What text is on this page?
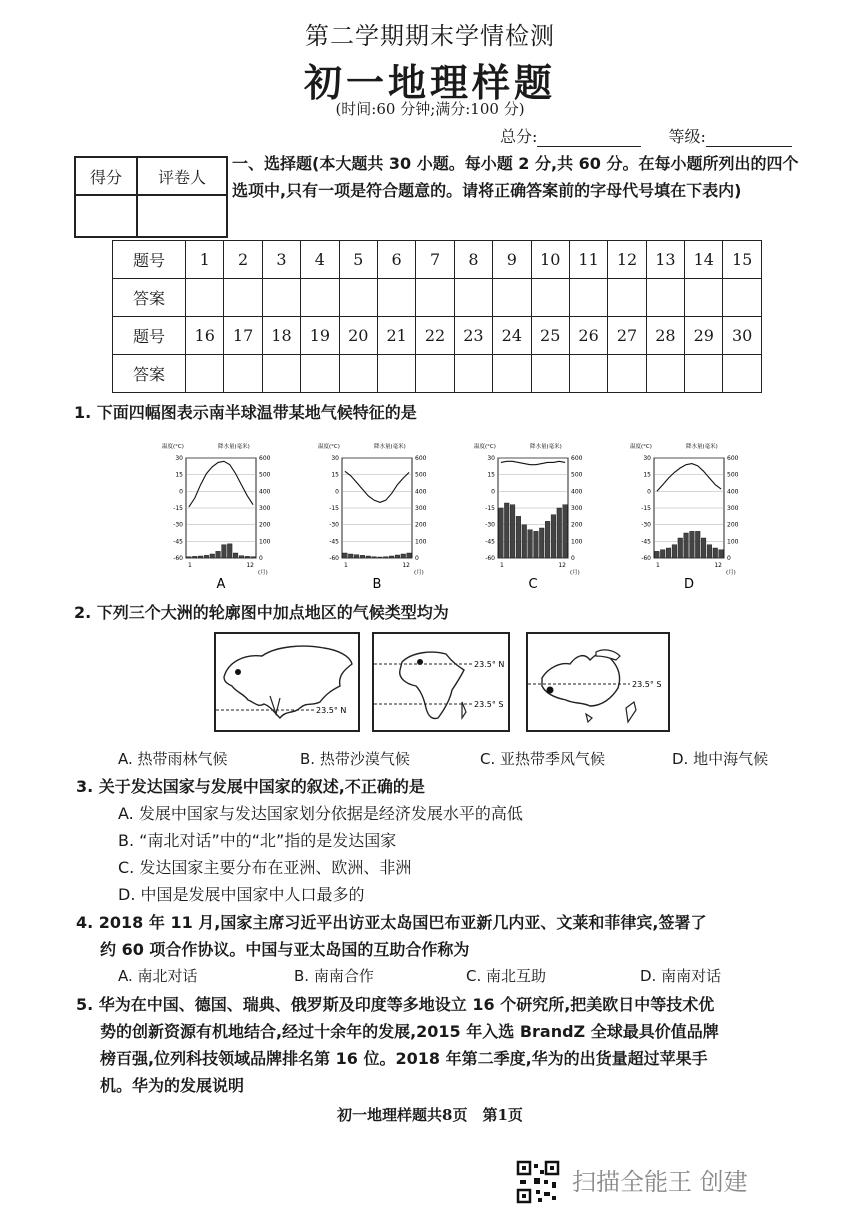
第二学期期末学情检测
初一地理样题
(时间:60 分钟;满分:100 分)
总分:	等级:
得分	评卷人

一、选择题(本大题共 30 小题。每小题 2 分,共 60 分。在每小题所列出的四个选项中,只有一项是符合题意的。请将正确答案前的字母代号填在下表内)
题号	1	2	3	4	5	6	7	8	9	10	11	12	13	14	15
答案															
题号	16	17	18	19	20	21	22	23	24	25	26	27	28	29	30
答案															
1. 下面四幅图表示南半球温带某地气候特征的是
温度(°C)	降水量(毫米)
30
15
0
-15
-30
-45
-60
600
500
400
300
200
100
0
1	12
(月)
A
温度(°C)	降水量(毫米)
30
15
0
-15
-30
-45
-60
600
500
400
300
200
100
0
1	12
(月)
B
温度(°C)	降水量(毫米)
30
15
0
-15
-30
-45
-60
600
500
400
300
200
100
0
1	12
(月)
C
温度(°C)	降水量(毫米)
30
15
0
-15
-30
-45
-60
600
500
400
300
200
100
0
1	12
(月)
D
2. 下列三个大洲的轮廓图中加点地区的气候类型均为
23.5° N
23.5° N
23.5° S
23.5° S
A. 热带雨林气候	B. 热带沙漠气候	C. 亚热带季风气候	D. 地中海气候
3. 关于发达国家与发展中国家的叙述,不正确的是
A. 发展中国家与发达国家划分依据是经济发展水平的高低
B. “南北对话”中的“北”指的是发达国家
C. 发达国家主要分布在亚洲、欧洲、非洲
D. 中国是发展中国家中人口最多的
4. 2018 年 11 月,国家主席习近平出访亚太岛国巴布亚新几内亚、文莱和菲律宾,签署了
约 60 项合作协议。中国与亚太岛国的互助合作称为
A. 南北对话	B. 南南合作	C. 南北互助	D. 南南对话
5. 华为在中国、德国、瑞典、俄罗斯及印度等多地设立 16 个研究所,把美欧日中等技术优
势的创新资源有机地结合,经过十余年的发展,2015 年入选 BrandZ 全球最具价值品牌
榜百强,位列科技领域品牌排名第 16 位。2018 年第二季度,华为的出货量超过苹果手
机。华为的发展说明
初一地理样题共8页　第1页
扫描全能王 创建
